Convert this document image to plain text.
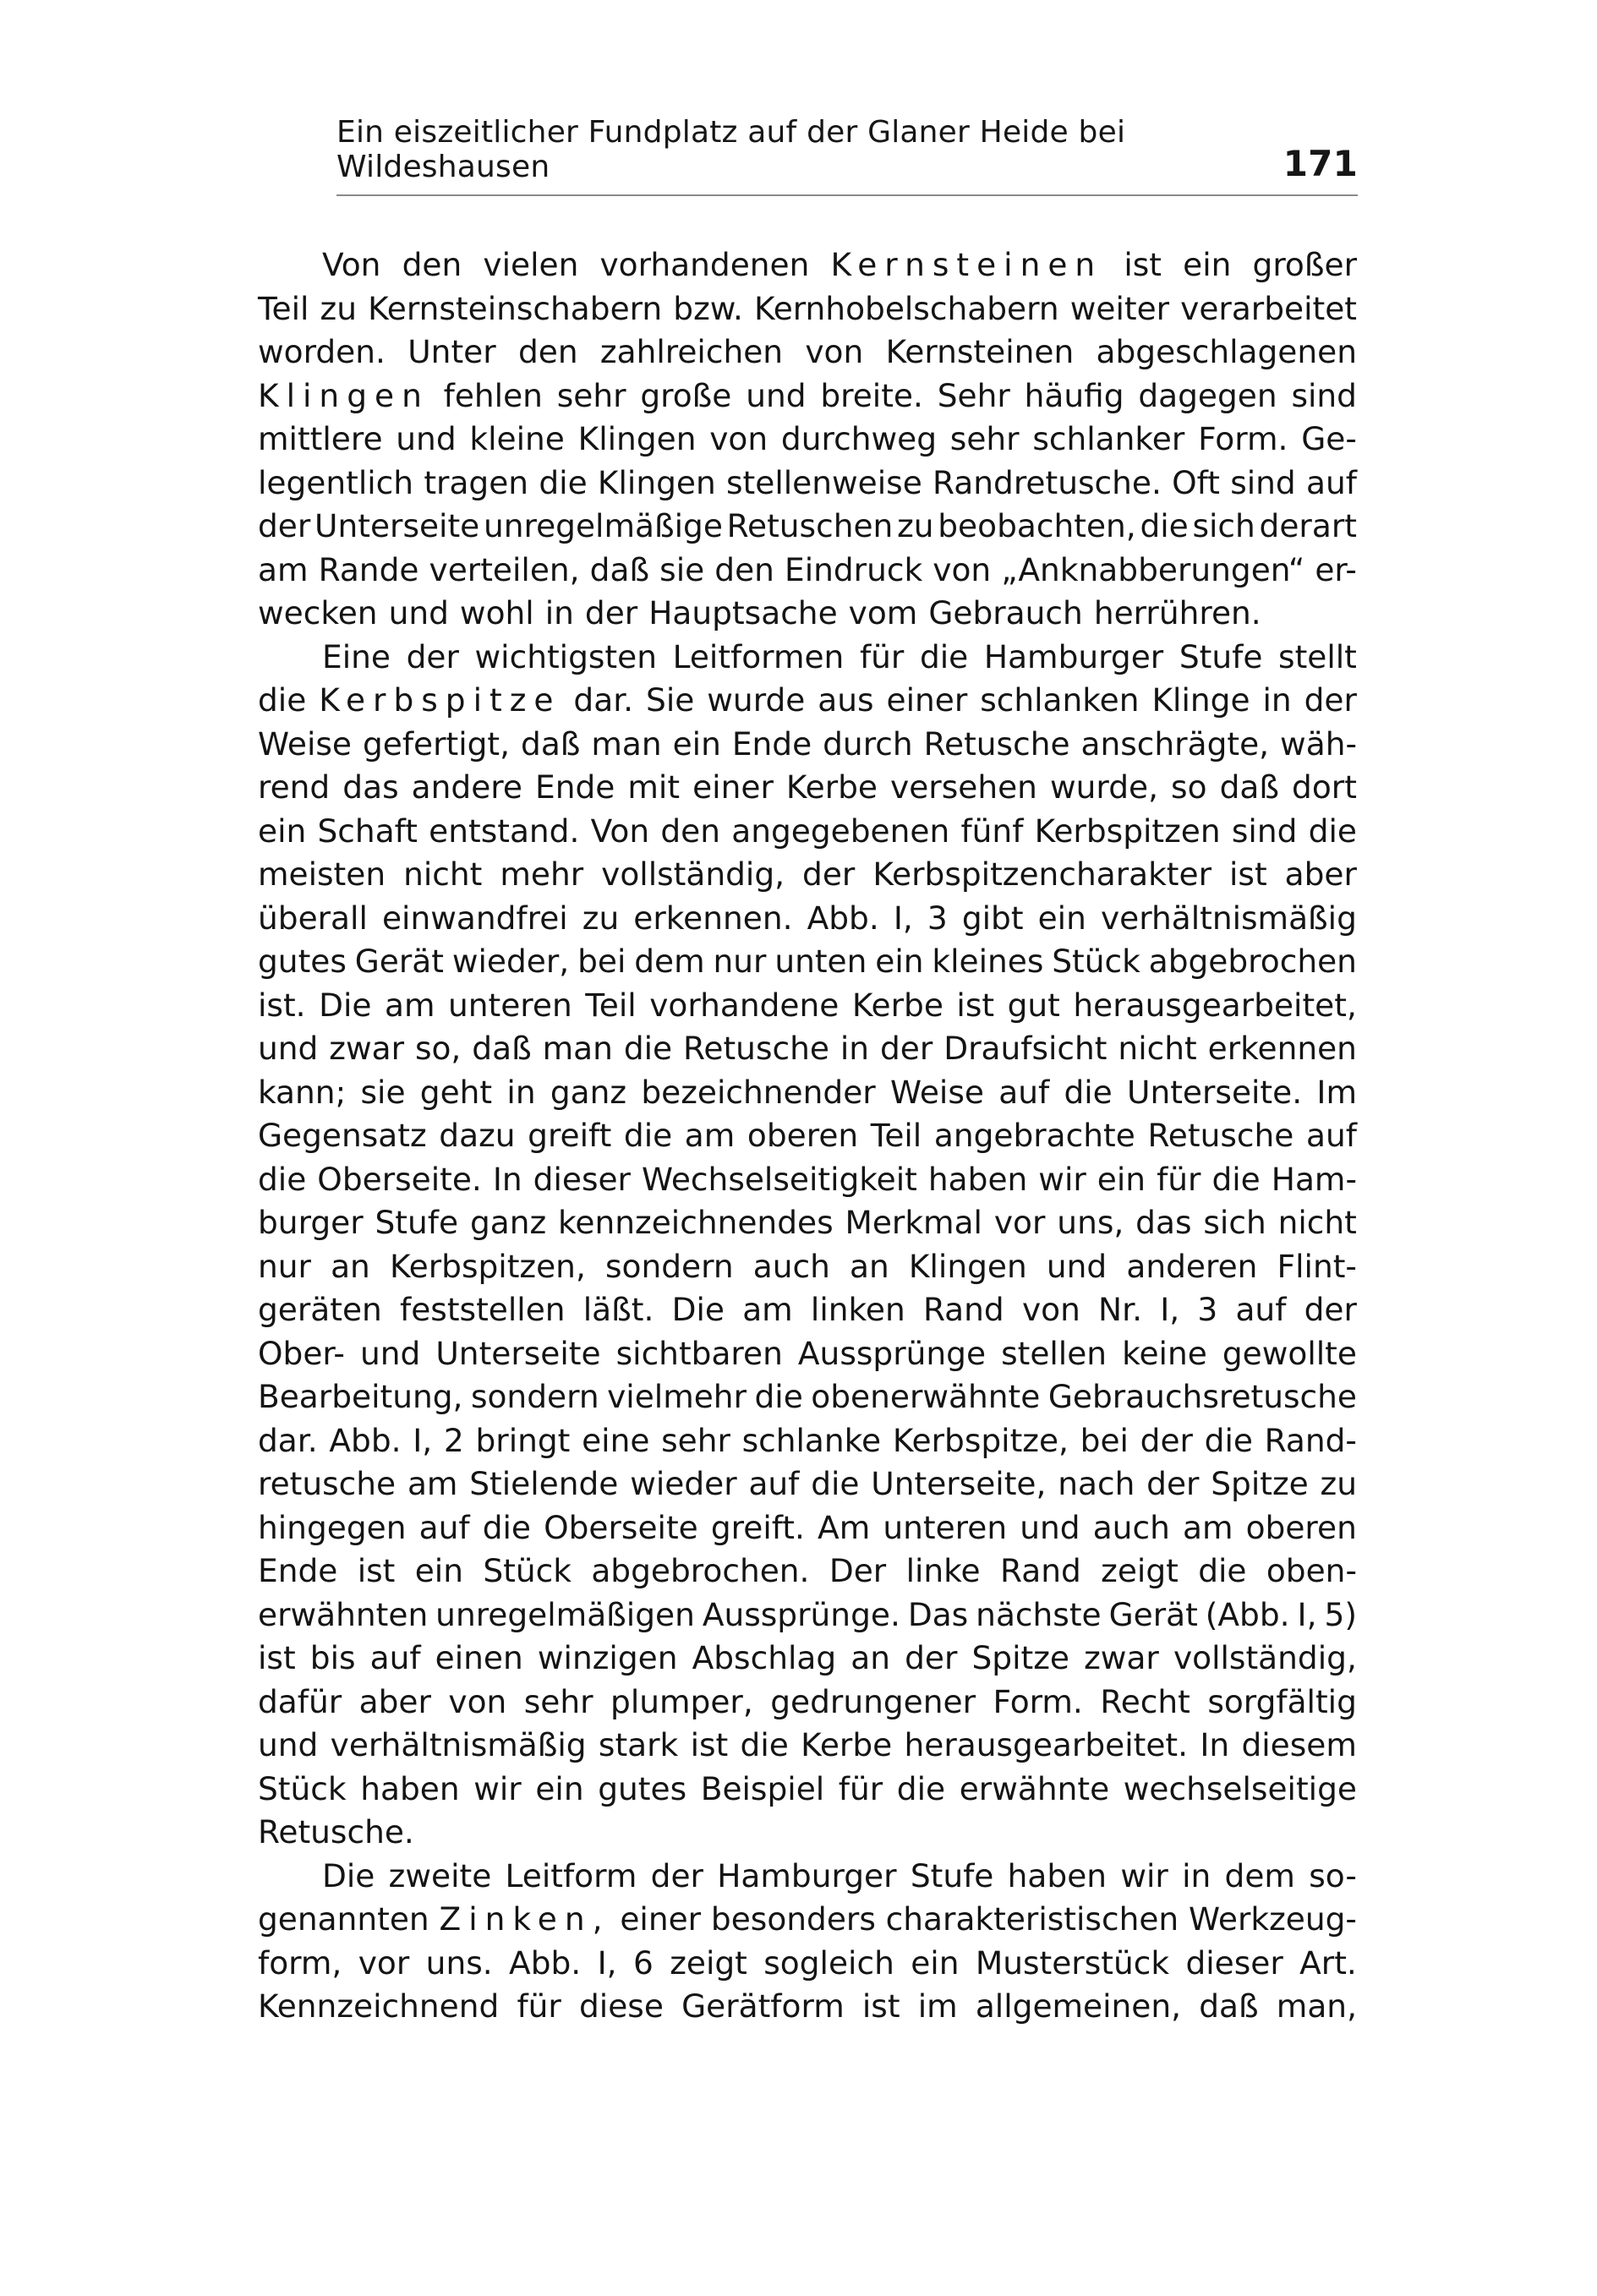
Ein eiszeitlicher Fundplatz auf der Glaner Heide bei Wildeshausen	171
Von den vielen vorhandenen Kernsteinen ist ein großer
Teil zu Kernsteinschabern bzw. Kernhobelschabern weiter verarbeitet
worden. Unter den zahlreichen von Kernsteinen abgeschlagenen
Klingen fehlen sehr große und breite. Sehr häufig dagegen sind
mittlere und kleine Klingen von durchweg sehr schlanker Form. Ge-
legentlich tragen die Klingen stellenweise Randretusche. Oft sind auf
der Unterseite unregelmäßige Retuschen zu beobachten, die sich derart
am Rande verteilen, daß sie den Eindruck von „Anknabberungen“ er-
wecken und wohl in der Hauptsache vom Gebrauch herrühren.
Eine der wichtigsten Leitformen für die Hamburger Stufe stellt
die Kerbspitze dar. Sie wurde aus einer schlanken Klinge in der
Weise gefertigt, daß man ein Ende durch Retusche anschrägte, wäh-
rend das andere Ende mit einer Kerbe versehen wurde, so daß dort
ein Schaft entstand. Von den angegebenen fünf Kerbspitzen sind die
meisten nicht mehr vollständig, der Kerbspitzencharakter ist aber
überall einwandfrei zu erkennen. Abb. I, 3 gibt ein verhältnismäßig
gutes Gerät wieder, bei dem nur unten ein kleines Stück abgebrochen
ist. Die am unteren Teil vorhandene Kerbe ist gut herausgearbeitet,
und zwar so, daß man die Retusche in der Draufsicht nicht erkennen
kann; sie geht in ganz bezeichnender Weise auf die Unterseite. Im
Gegensatz dazu greift die am oberen Teil angebrachte Retusche auf
die Oberseite. In dieser Wechselseitigkeit haben wir ein für die Ham-
burger Stufe ganz kennzeichnendes Merkmal vor uns, das sich nicht
nur an Kerbspitzen, sondern auch an Klingen und anderen Flint-
geräten feststellen läßt. Die am linken Rand von Nr. I, 3 auf der
Ober- und Unterseite sichtbaren Aussprünge stellen keine gewollte
Bearbeitung, sondern vielmehr die obenerwähnte Gebrauchsretusche
dar. Abb. I, 2 bringt eine sehr schlanke Kerbspitze, bei der die Rand-
retusche am Stielende wieder auf die Unterseite, nach der Spitze zu
hingegen auf die Oberseite greift. Am unteren und auch am oberen
Ende ist ein Stück abgebrochen. Der linke Rand zeigt die oben-
erwähnten unregelmäßigen Aussprünge. Das nächste Gerät (Abb. I, 5)
ist bis auf einen winzigen Abschlag an der Spitze zwar vollständig,
dafür aber von sehr plumper, gedrungener Form. Recht sorgfältig
und verhältnismäßig stark ist die Kerbe herausgearbeitet. In diesem
Stück haben wir ein gutes Beispiel für die erwähnte wechselseitige
Retusche.
Die zweite Leitform der Hamburger Stufe haben wir in dem so-
genannten Zinken, einer besonders charakteristischen Werkzeug-
form, vor uns. Abb. I, 6 zeigt sogleich ein Musterstück dieser Art.
Kennzeichnend für diese Gerätform ist im allgemeinen, daß man,
